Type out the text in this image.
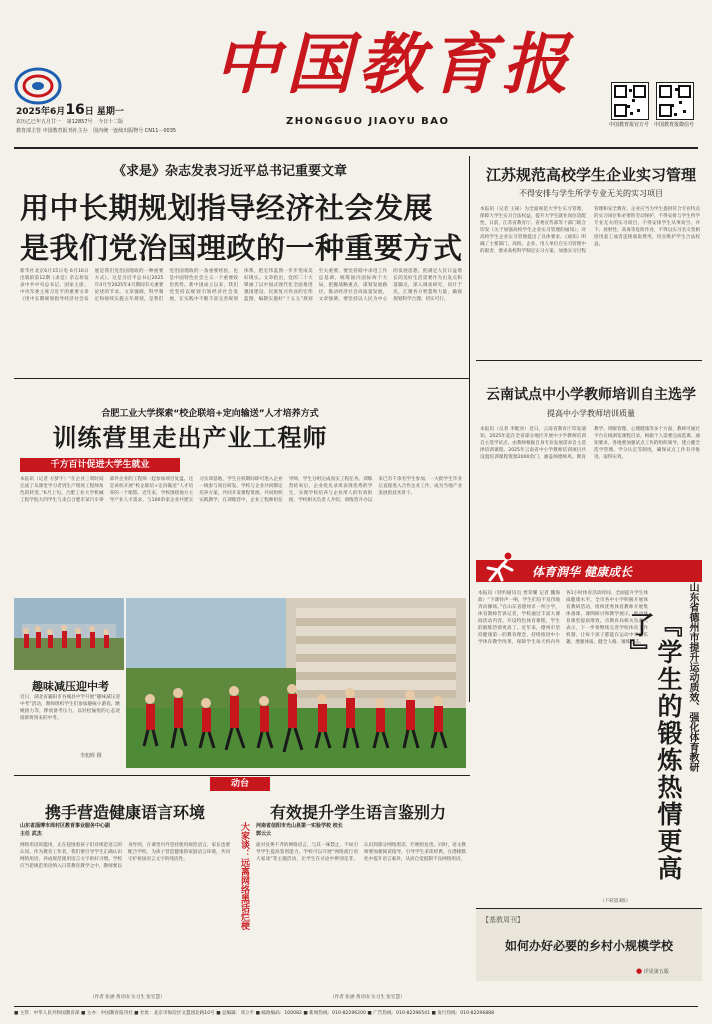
2025年6月16日 星期一
农历乙巳年五月廿一 第12857号 今日十二版
教育部主管 中国教育报刊社主办 国内统一连续出版物号 CN11－0035
中国教育报
ZHONGGUO JIAOYU BAO	中国教育报官方号 中国教育报微信号
《求是》杂志发表习近平总书记重要文章
用中长期规划指导经济社会发展
是我们党治国理政的一种重要方式
新华社北京6月15日电 6月16日出版的第12期《求是》杂志将发表中共中央总书记、国家主席、中央军委主席习近平的重要文章《用中长期规划指导经济社会发展是我们党治国理政的一种重要方式》。这是习近平总书记2025年4月至2025年4月期间有关重要论述的节录。文章强调，科学制定和接续实施五年规划，是我们党治国理政的一条重要经验，也是中国特色社会主义一个重要政治优势。新中国成立以来，我们党坚持以规划引领经济社会发展，在实践中不断丰富完善规划体系，把宏伟蓝图一步步变成美好现实。文章指出，党的二十大擘画了以中国式现代化全面推进强国建设、民族复兴伟业的宏伟蓝图，编制实施好“十五五”规划至关重要。要坚持稳中求进工作总基调，统筹国内国际两个大局，把握战略重点，谋划发展路径，推动经济社会高质量发展。文章强调，要坚持以人民为中心的发展思想，把满足人民日益增长的美好生活需要作为出发点和落脚点，深入调查研究，问计于民，汇聚各方智慧和力量，确保规划科学合理、切实可行。
江苏规范高校学生企业实习管理
不得安排与学生所学专业无关的实习项目
本报讯（记者 王硕）为全面规范大学生实习管理，保障大学生实习合法权益，提升大学生就业岗位适配性，日前，江苏省教育厅、省委宣传部等十部门联合印发《关于加强高校学生企业实习管理的通知》，对高校学生企业实习管理提出了具体要求。《通知》明确了主要部门、高校、企业、用人单位在实习管理中的职责，要求高校科学制定实习方案，加强实习过程管理和安全教育。企业应当为学生提供符合专业特点的实习岗位和必要的劳动保护，不得安排与学生所学专业无关的实习项目，不得安排学生从事高空、井下、放射性、高毒等危险作业，不得以实习名义变相招用童工或者违规收取费用，切实维护学生合法权益。
云南试点中小学教师培训自主选学
提高中小学教师培训质量
本报讯（记者 李配亮）近日，云南省教育厅印发通知，2025年起在全省部分地区开展中小学教师培训自主选学试点，由教师根据自身专业发展需求自主选择培训课程。2025年云南省中小学教师培训项目共设置培训课程资源2000余门，涵盖师德师风、教育教学、班级管理、心理健康等多个方面，教师可通过平台在线浏览课程目录，根据个人需要完成选课。通知要求，各地要加强试点工作的组织领导，建立健全选学管理、学分认定等制度，确保试点工作有序推进、取得实效。
体育润华 健康成长
本报讯（特约通讯员 贾荣耀 记者 魏海政）“下课铃声一响，学生们迫不及待地奔向操场。”在山东省德州市一所小学，体育教师告诉记者，学校通过丰富大课间活动内容、开设特色体育课程，学生的锻炼热情更高了。近年来，德州市坚持健康第一的教育理念，持续推进中小学体育教学改革，保障学生每天校内外各1小时体育活动时间，全面提升学生体质健康水平。全市各中小学积极开展体育教研活动，组织优秀体育教师开展集体备课、课例研讨和教学展示，推动体育课堂提质增效。市教育局相关负责人表示，下一步将继续完善学校体育工作机制，让每个孩子都能在运动中享受乐趣、增强体质、健全人格、锤炼意志。
（下转第3版）
山东省德州市提升运动质效、强化体育教研
『学生的锻炼热情更高了』
【基教周刊】
如何办好必要的乡村小规模学校
● 详见第五版
合肥工业大学探索“校企联培+定向输送”人才培养方式
训练营里走出产业工程师
千方百计促进大学生就业
本报讯（记者 方梦宇）“在企业三周时间完成了从课堂学习者到生产现场工程师角色的转变。”6月上旬，合肥工业大学机械工程学院大四学生与来自合肥市某汽车零部件企业的工程师一起参加项目复盘。这是该校开展“校企联培+定向输送”人才培养的一个缩影。近年来，学校围绕地方主导产业人才需求，与100余家企业共建实习实训基地，学生在校期间即可进入企业一线参与项目研发。学校与企业共同制定培养方案，共同开发课程资源，共同组织实践教学，在训练营中，企业工程师担任导师，学生分组完成真实工程任务。训练营结束后，企业优先录用表现优秀的学生，实现学校培养与企业用人的有效衔接。学校相关负责人介绍，训练营开办以来已有千余名学生参加，一大批学生毕业后直接进入合作企业工作，成为当地产业发展的技术骨干。
趣味减压迎中考
近日，湖北省襄阳市谷城县中学开展“趣味减压迎中考”活动，教师组织学生们参加趣味小游戏、跳绳接力等，释放备考压力，以轻松愉悦的心态迎接即将到来的中考。
李旭晖 摄
动台
携手营造健康语言环境	有效提升学生语言鉴别力
山东省淄博市周村区教育事业服务中心副主任 武杰
网络用语的滥用，正在侵蚀着孩子们对规范语言的认知。作为教育工作者，我们要引导学生正确认识网络用语，养成规范使用语言文字的好习惯。学校应当把规范用语纳入日常教育教学之中，教师要以身作则，在课堂内外坚持使用规范语言，家长也要配合学校，为孩子营造健康的家庭语言环境，共同守护祖国语言文字的纯洁性。
（作者 张涵 黄诗雨 实习生 张宏慧）
大家谈：远离网络黑话烂梗 河南省信阳市光山县第一实验学校 校长 郭云云
面对良莠不齐的网络语言，与其一味禁止，不如引导学生提高鉴别能力。学校可以开展“网络流行语大家谈”等主题活动，让学生在讨论中辨别是非，认识到部分网络黑话、烂梗的危害。同时，语文教师要加强阅读指导，引导学生多读经典，在潜移默化中提升语言素养，从而自觉抵制不良网络用语。
（作者 张涵 黄诗雨 实习生 张宏慧）
■ 主管：中华人民共和国教育部 ■ 主办：中国教育报刊社 ■ 社址：北京市海淀区文慧园北路10号 ■ 总编辑：邓立平 ■ 邮政编码：100082 ■ 新闻热线：010-82296200 ■ 广告热线：010-82296541 ■ 发行热线：010-82296888
